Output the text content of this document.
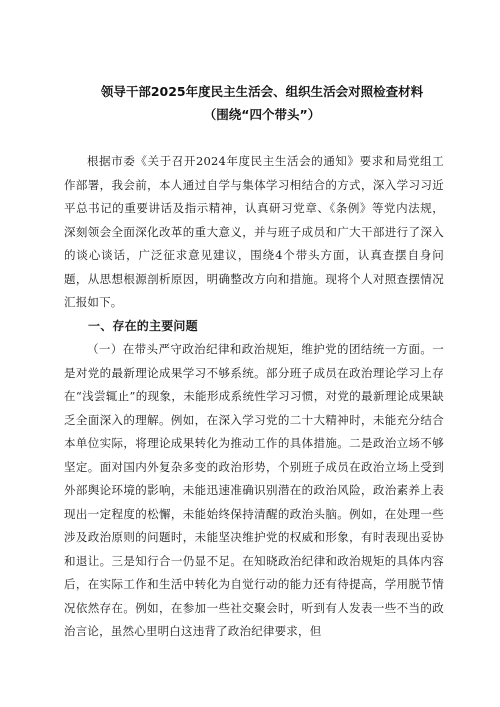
领导干部2025年度民主生活会、组织生活会对照检查材料（围绕“四个带头”）

根据市委《关于召开2024年度民主生活会的通知》要求和局党组工作部署，我会前，本人通过自学与集体学习相结合的方式，深入学习习近平总书记的重要讲话及指示精神，认真研习党章、《条例》等党内法规，深刻领会全面深化改革的重大意义，并与班子成员和广大干部进行了深入的谈心谈话，广泛征求意见建议，围绕4个带头方面，认真查摆自身问题，从思想根源剖析原因，明确整改方向和措施。现将个人对照查摆情况汇报如下。

一、存在的主要问题

（一）在带头严守政治纪律和政治规矩，维护党的团结统一方面。一是对党的最新理论成果学习不够系统。部分班子成员在政治理论学习上存在“浅尝辄止”的现象，未能形成系统性学习习惯，对党的最新理论成果缺乏全面深入的理解。例如，在深入学习党的二十大精神时，未能充分结合本单位实际，将理论成果转化为推动工作的具体措施。二是政治立场不够坚定。面对国内外复杂多变的政治形势，个别班子成员在政治立场上受到外部舆论环境的影响，未能迅速准确识别潜在的政治风险，政治素养上表现出一定程度的松懈，未能始终保持清醒的政治头脑。例如，在处理一些涉及政治原则的问题时，未能坚决维护党的权威和形象，有时表现出妥协和退让。三是知行合一仍显不足。在知晓政治纪律和政治规矩的具体内容后，在实际工作和生活中转化为自觉行动的能力还有待提高，学用脱节情况依然存在。例如，在参加一些社交聚会时，听到有人发表一些不当的政治言论，虽然心里明白这违背了政治纪律要求，但
